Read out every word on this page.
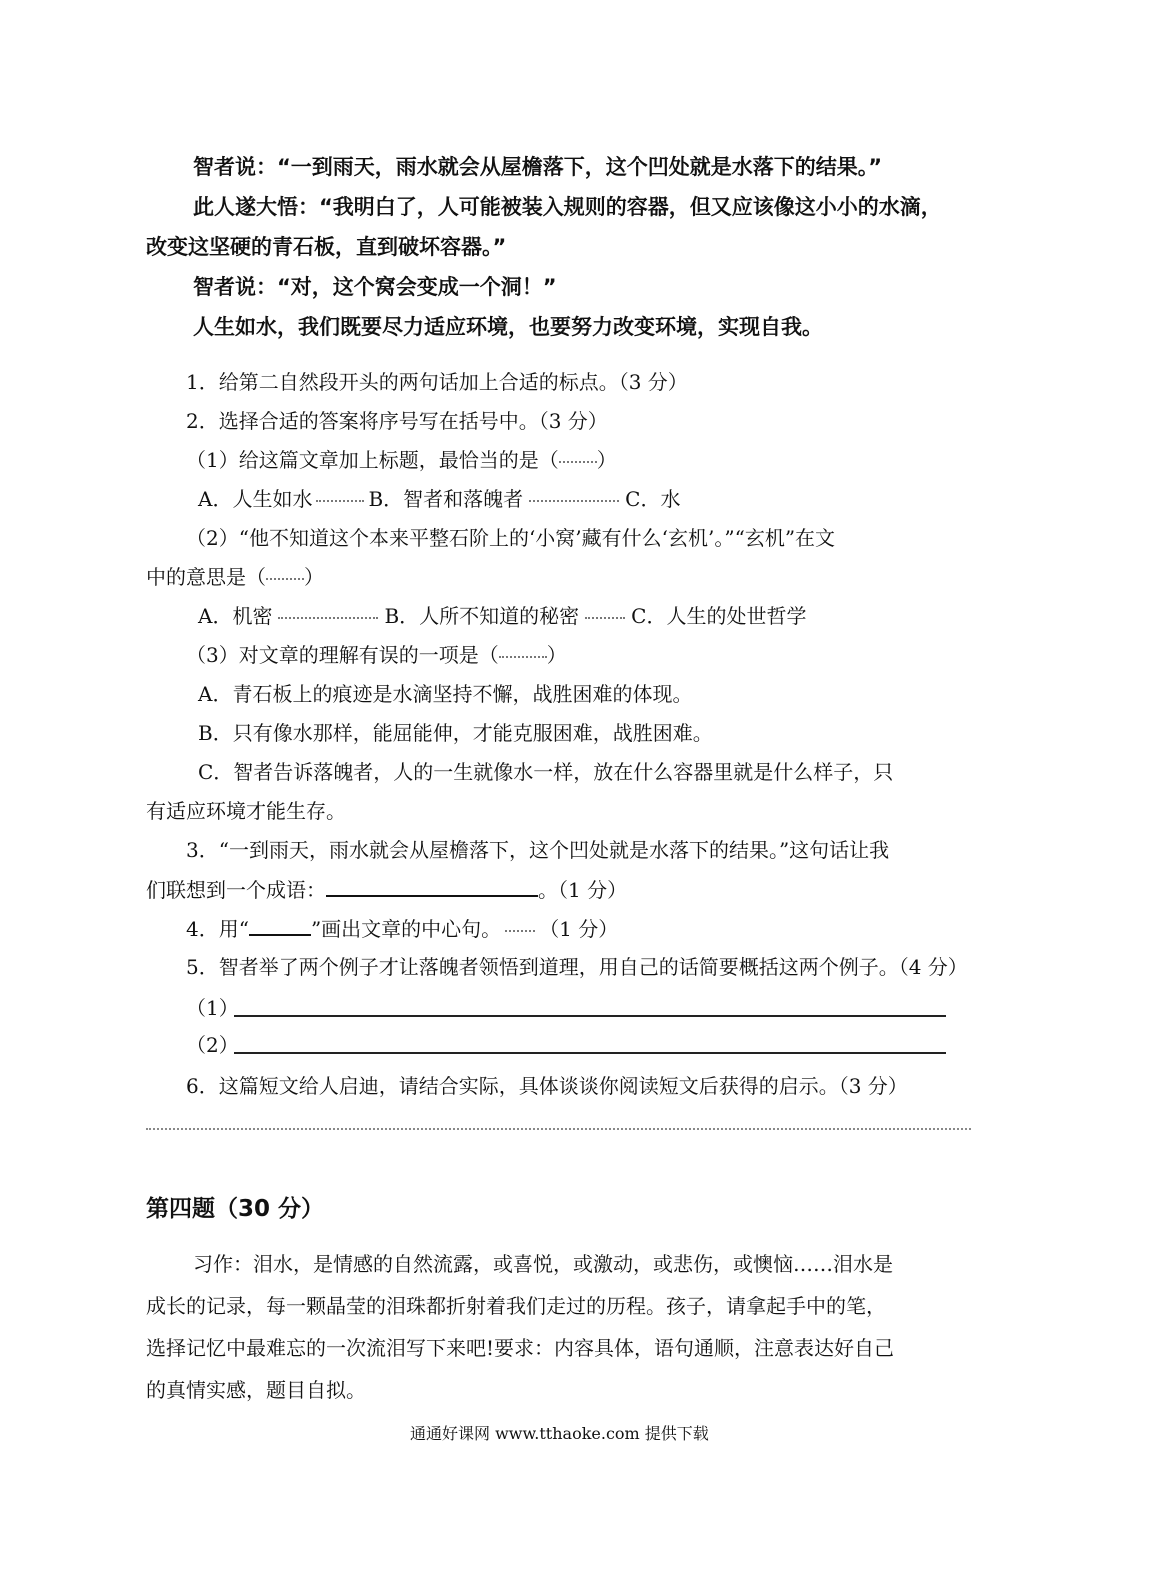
智者说：“一到雨天，雨水就会从屋檐落下，这个凹处就是水落下的结果。”
此人遂大悟：“我明白了，人可能被装入规则的容器，但又应该像这小小的水滴，
改变这坚硬的青石板，直到破坏容器。”
智者说：“对，这个窝会变成一个洞！”
人生如水，我们既要尽力适应环境，也要努力改变环境，实现自我。
1．给第二自然段开头的两句话加上合适的标点。（3 分）
2．选择合适的答案将序号写在括号中。（3 分）
（1）给这篇文章加上标题，最恰当的是（ ）
A．人生如水	B．智者和落魄者	C．水
（2）“他不知道这个本来平整石阶上的‘小窝’藏有什么‘玄机’。”“玄机”在文
中的意思是（ ）
A．机密	B．人所不知道的秘密	C．人生的处世哲学
（3）对文章的理解有误的一项是（ ）
A．青石板上的痕迹是水滴坚持不懈，战胜困难的体现。
B．只有像水那样，能屈能伸，才能克服困难，战胜困难。
C．智者告诉落魄者，人的一生就像水一样，放在什么容器里就是什么样子，只
有适应环境才能生存。
3．“一到雨天，雨水就会从屋檐落下，这个凹处就是水落下的结果。”这句话让我
们联想到一个成语：	。（1 分）
4．用“	”画出文章的中心句。 （1 分）
5．智者举了两个例子才让落魄者领悟到道理，用自己的话简要概括这两个例子。（4 分）
（1）
（2）
6．这篇短文给人启迪，请结合实际，具体谈谈你阅读短文后获得的启示。（3 分）
第四题（30 分）
习作：泪水，是情感的自然流露，或喜悦，或激动，或悲伤，或懊恼……泪水是
成长的记录，每一颗晶莹的泪珠都折射着我们走过的历程。孩子，请拿起手中的笔，
选择记忆中最难忘的一次流泪写下来吧!要求：内容具体，语句通顺，注意表达好自己
的真情实感，题目自拟。
通通好课网 www.tthaoke.com 提供下载
